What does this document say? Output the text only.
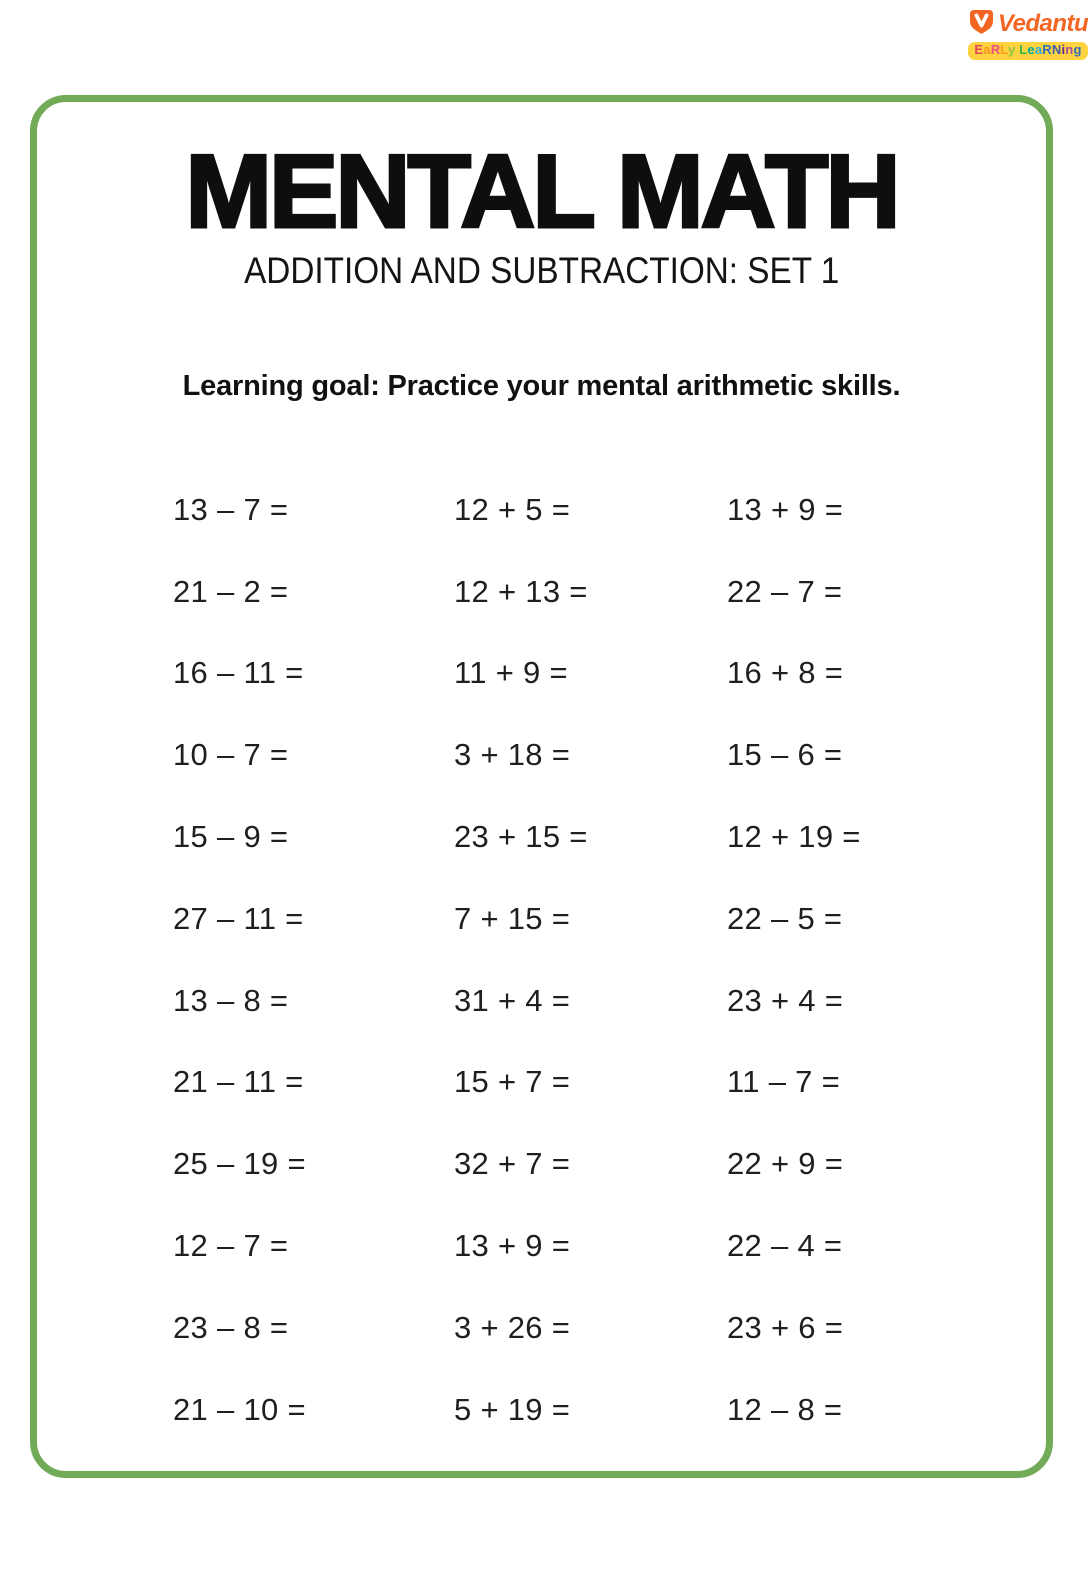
Vedantu
EaRLy LeaRNing
MENTAL MATH
ADDITION AND SUBTRACTION: SET 1
Learning goal: Practice your mental arithmetic skills.
13 – 7 =	12 + 5 =	13 + 9 =
21 – 2 =	12 + 13 =	22 – 7 =
16 – 11 =	11 + 9 =	16 + 8 =
10 – 7 =	3 + 18 =	15 – 6 =
15 – 9 =	23 + 15 =	12 + 19 =
27 – 11 =	7 + 15 =	22 – 5 =
13 – 8 =	31 + 4 =	23 + 4 =
21 – 11 =	15 + 7 =	11 – 7 =
25 – 19 =	32 + 7 =	22 + 9 =
12 – 7 =	13 + 9 =	22 – 4 =
23 – 8 =	3 + 26 =	23 + 6 =
21 – 10 =	5 + 19 =	12 – 8 =
